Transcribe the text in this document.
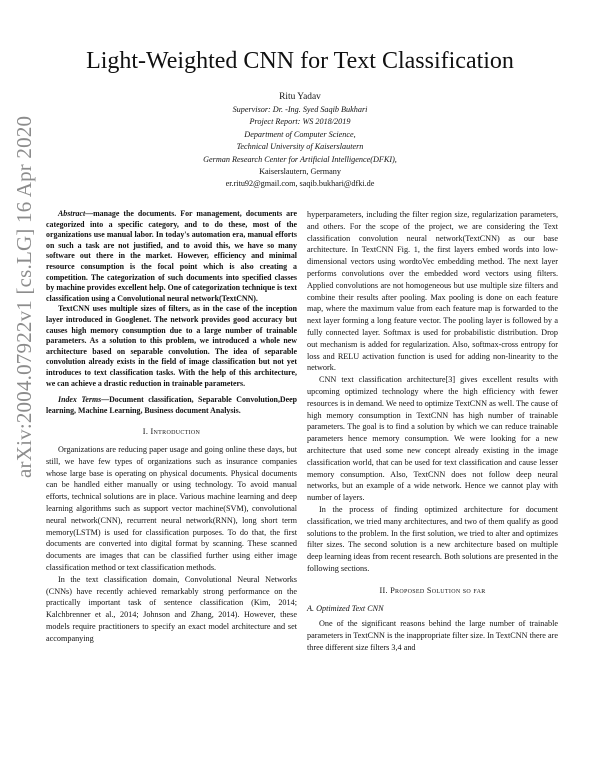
arXiv:2004.07922v1 [cs.LG] 16 Apr 2020
Light-Weighted CNN for Text Classification
Ritu Yadav
Supervisor: Dr. -Ing. Syed Saqib Bukhari
Project Report: WS 2018/2019
Department of Computer Science,
Technical University of Kaiserslautern
German Research Center for Artificial Intelligence(DFKI),
Kaiserslautern, Germany
er.ritu92@gmail.com, saqib.bukhari@dfki.de

Abstract—manage the documents. For management, documents are categorized into a specific category, and to do these, most of the organizations use manual labor. In today's automation era, manual efforts on such a task are not justified, and to avoid this, we have so many software out there in the market. However, efficiency and minimal resource consumption is the focal point which is also creating a competition. The categorization of such documents into specified classes by machine provides excellent help. One of categorization technique is text classification using a Convolutional neural network(TextCNN).

TextCNN uses multiple sizes of filters, as in the case of the inception layer introduced in Googlenet. The network provides good accuracy but causes high memory consumption due to a large number of trainable parameters. As a solution to this problem, we introduced a whole new architecture based on separable convolution. The idea of separable convolution already exists in the field of image classification but not yet introduces to text classification tasks. With the help of this architecture, we can achieve a drastic reduction in trainable parameters.

Index Terms—Document classification, Separable Convolution,Deep learning, Machine Learning, Business document Analysis.

I. Introduction

Organizations are reducing paper usage and going online these days, but still, we have few types of organizations such as insurance companies whose large base is operating on physical documents. Physical documents can be handled either manually or using technology. To avoid manual efforts, technical solutions are in place. Various machine learning and deep learning algorithms such as support vector machine(SVM), convolutional neural network(CNN), recurrent neural network(RNN), long short term memory(LSTM) is used for classification purposes. To do that, the first documents are converted into digital format by scanning. These scanned documents are images that can be classified further using either image classification method or text classification methods.

In the text classification domain, Convolutional Neural Networks (CNNs) have recently achieved remarkably strong performance on the practically important task of sentence classification (Kim, 2014; Kalchbrenner et al., 2014; Johnson and Zhang, 2014). However, these models require practitioners to specify an exact model architecture and set accompanying

hyperparameters, including the filter region size, regularization parameters, and others. For the scope of the project, we are considering the Text classification convolution neural network(TextCNN) as our base architecture. In TextCNN Fig. 1, the first layers embed words into low-dimensional vectors using wordtoVec embedding method. The next layer performs convolutions over the embedded word vectors using filters. Applied convolutions are not homogeneous but use multiple size filters and combine their results after pooling. Max pooling is done on each feature map, where the maximum value from each feature map is forwarded to the next layer forming a long feature vector. The pooling layer is followed by a fully connected layer. Softmax is used for probabilistic distribution. Drop out mechanism is added for regularization. Also, softmax-cross entropy for loss and RELU activation function is used for adding non-linearity to the network.

CNN text classification architecture[3] gives excellent results with upcoming optimized technology where the high efficiency with fewer resources is in demand. We need to optimize TextCNN as well. The cause of high memory consumption in TextCNN has high number of trainable parameters. The goal is to find a solution by which we can reduce trainable parameters hence memory consumption. We were looking for a new architecture that used some new concept already existing in the image classification world, that can be used for text classification and cause lesser memory consumption. Also, TextCNN does not follow deep neural networks, but an example of a wide network. Hence we cannot play with number of layers.

In the process of finding optimized architecture for document classification, we tried many architectures, and two of them qualify as good solutions to the problem. In the first solution, we tried to alter and optimizes filter sizes. The second solution is a new architecture based on multiple deep learning ideas from recent research. Both solutions are presented in the following sections.

II. Proposed Solution so far

A. Optimized Text CNN

One of the significant reasons behind the large number of trainable parameters in TextCNN is the inappropriate filter size. In TextCNN there are three different size filters 3,4 and
